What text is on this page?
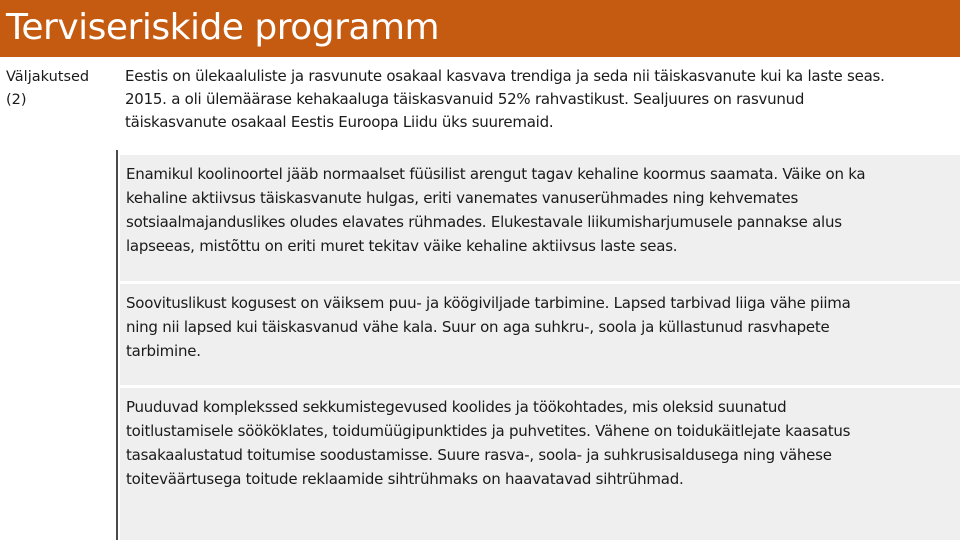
Terviseriskide programm
Väljakutsed
(2)
Eestis on ülekaaluliste ja rasvunute osakaal kasvava trendiga ja seda nii täiskasvanute kui ka laste seas.
2015. a oli ülemäärase kehakaaluga täiskasvanuid 52% rahvastikust. Sealjuures on rasvunud
täiskasvanute osakaal Eestis Euroopa Liidu üks suuremaid.
Enamikul koolinoortel jääb normaalset füüsilist arengut tagav kehaline koormus saamata. Väike on ka
kehaline aktiivsus täiskasvanute hulgas, eriti vanemates vanuserühmades ning kehvemates
sotsiaalmajanduslikes oludes elavates rühmades. Elukestavale liikumisharjumusele pannakse alus
lapseeas, mistõttu on eriti muret tekitav väike kehaline aktiivsus laste seas.
Soovituslikust kogusest on väiksem puu- ja köögiviljade tarbimine. Lapsed tarbivad liiga vähe piima
ning nii lapsed kui täiskasvanud vähe kala. Suur on aga suhkru-, soola ja küllastunud rasvhapete
tarbimine.
Puuduvad komplekssed sekkumistegevused koolides ja töökohtades, mis oleksid suunatud
toitlustamisele söököklates, toidumüügipunktides ja puhvetites. Vähene on toidukäitlejate kaasatus
tasakaalustatud toitumise soodustamisse. Suure rasva-, soola- ja suhkrusisaldusega ning vähese
toiteväärtusega toitude reklaamide sihtrühmaks on haavatavad sihtrühmad.
